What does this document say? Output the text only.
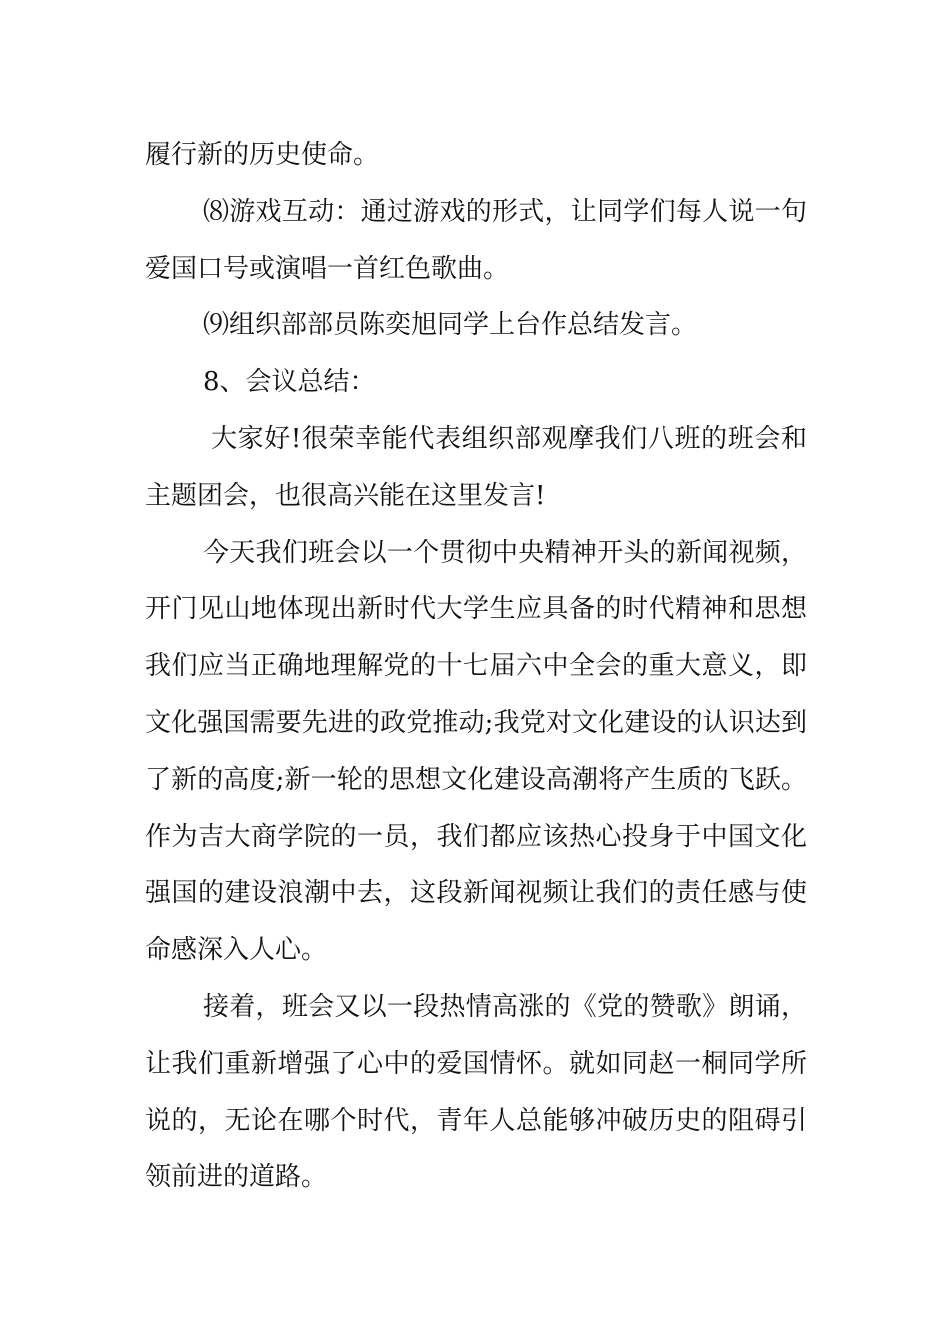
履行新的历史使命。

⑻游戏互动：通过游戏的形式，让同学们每人说一句爱国口号或演唱一首红色歌曲。

⑼组织部部员陈奕旭同学上台作总结发言。

8、会议总结：

大家好!很荣幸能代表组织部观摩我们八班的班会和主题团会，也很高兴能在这里发言!

今天我们班会以一个贯彻中央精神开头的新闻视频，开门见山地体现出新时代大学生应具备的时代精神和思想我们应当正确地理解党的十七届六中全会的重大意义，即文化强国需要先进的政党推动;我党对文化建设的认识达到了新的高度;新一轮的思想文化建设高潮将产生质的飞跃。作为吉大商学院的一员，我们都应该热心投身于中国文化强国的建设浪潮中去，这段新闻视频让我们的责任感与使命感深入人心。

接着，班会又以一段热情高涨的《党的赞歌》朗诵，让我们重新增强了心中的爱国情怀。就如同赵一桐同学所说的，无论在哪个时代，青年人总能够冲破历史的阻碍引领前进的道路。
